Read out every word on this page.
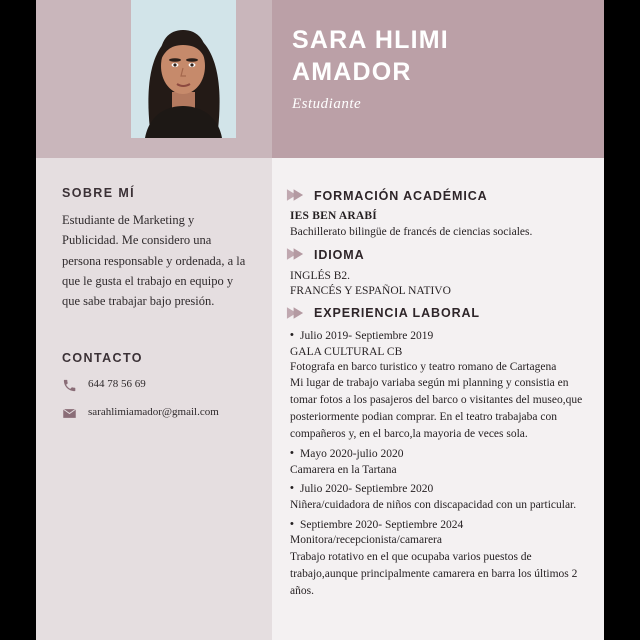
SARA HLIMI
AMADOR
Estudiante
SOBRE MÍ

Estudiante de Marketing y Publicidad. Me considero una persona responsable y ordenada, a la que le gusta el trabajo en equipo y que sabe trabajar bajo presión.

CONTACTO
644 78 56 69
sarahlimiamador@gmail.com
FORMACIÓN ACADÉMICA
IES BEN ARABÍ

Bachillerato bilingüe de francés de ciencias sociales.

IDIOMA

INGLÉS B2.

FRANCÉS Y ESPAÑOL NATIVO

EXPERIENCIA LABORAL
• Julio 2019- Septiembre 2019

GALA CULTURAL CB

Fotografa en barco turistico y teatro romano de Cartagena

Mi lugar de trabajo variaba según mi planning y consistia en tomar fotos a los pasajeros del barco o visitantes del museo,que posteriormente podian comprar. En el teatro trabajaba con compañeros y, en el barco,la mayoria de veces sola.

• Mayo 2020-julio 2020

Camarera en la Tartana

• Julio 2020- Septiembre 2020

Niñera/cuidadora de niños con discapacidad con un particular.

• Septiembre 2020- Septiembre 2024

Monitora/recepcionista/camarera

Trabajo rotativo en el que ocupaba varios puestos de trabajo,aunque principalmente camarera en barra los últimos 2 años.
